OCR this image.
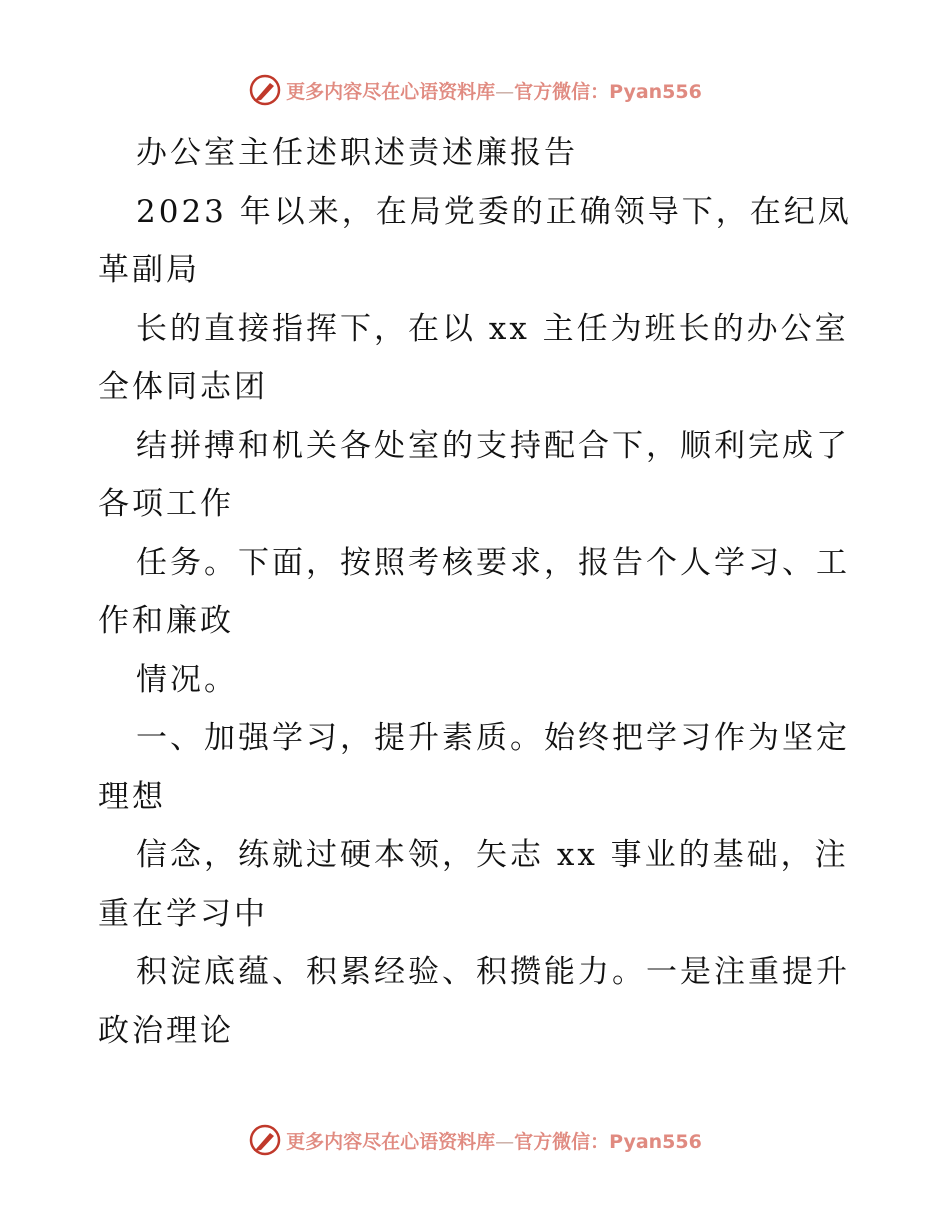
更多内容尽在心语资料库—官方微信：Pyan556
办公室主任述职述责述廉报告
2023 年以来，在局党委的正确领导下，在纪凤
革副局
长的直接指挥下，在以 xx 主任为班长的办公室
全体同志团
结拼搏和机关各处室的支持配合下，顺利完成了
各项工作
任务。下面，按照考核要求，报告个人学习、工
作和廉政
情况。
一、加强学习，提升素质。始终把学习作为坚定
理想
信念，练就过硬本领，矢志 xx 事业的基础，注
重在学习中
积淀底蕴、积累经验、积攒能力。一是注重提升
政治理论
更多内容尽在心语资料库—官方微信：Pyan556
